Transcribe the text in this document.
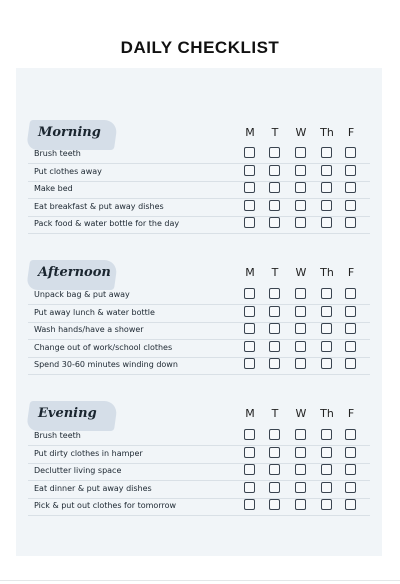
DAILY CHECKLIST
Morning	M	T	W	Th	F
Brush teeth
Put clothes away
Make bed
Eat breakfast & put away dishes
Pack food & water bottle for the day
Afternoon	M	T	W	Th	F
Unpack bag & put away
Put away lunch & water bottle
Wash hands/have a shower
Change out of work/school clothes
Spend 30-60 minutes winding down
Evening	M	T	W	Th	F
Brush teeth
Put dirty clothes in hamper
Declutter living space
Eat dinner & put away dishes
Pick & put out clothes for tomorrow
